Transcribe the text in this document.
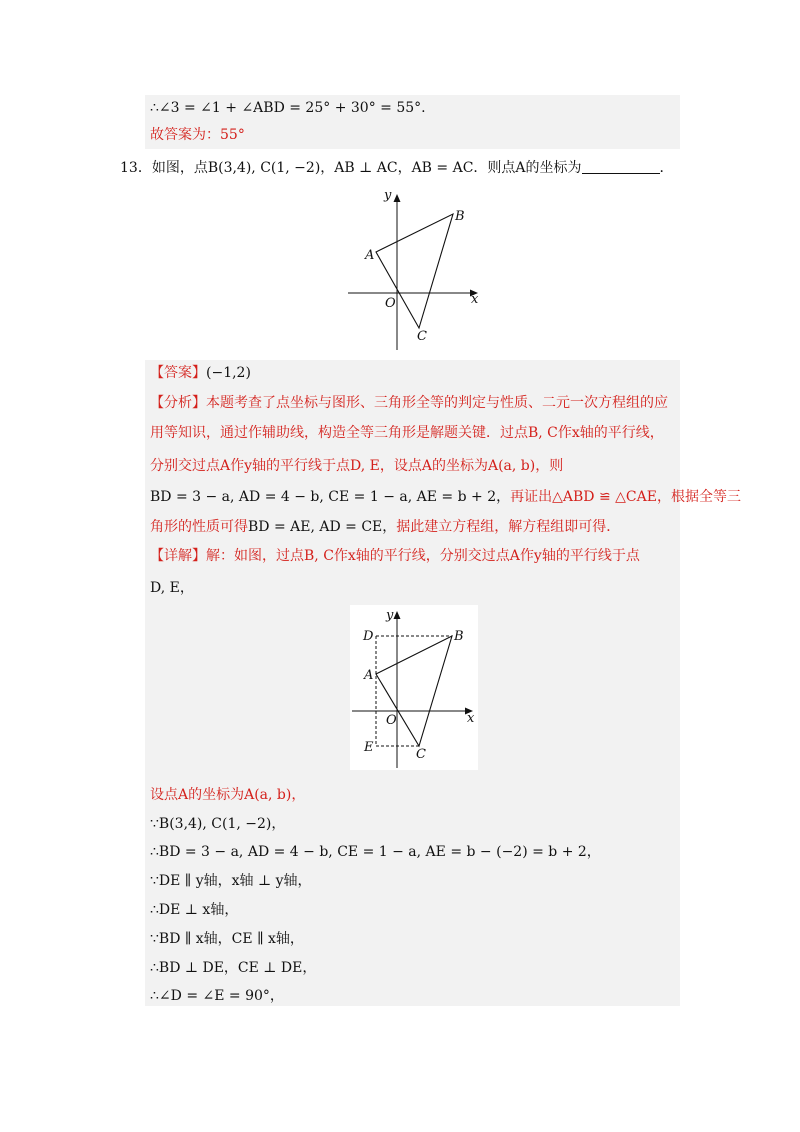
∴∠3 = ∠1 + ∠ABD = 25° + 30° = 55°.
故答案为：55°
13．如图，点B(3,4), C(1, −2)，AB ⊥ AC，AB = AC．则点A的坐标为	．
y
x
O
A
B
C
【答案】(−1,2)
【分析】本题考查了点坐标与图形、三角形全等的判定与性质、二元一次方程组的应
用等知识，通过作辅助线，构造全等三角形是解题关键．过点B, C作x轴的平行线，
分别交过点A作y轴的平行线于点D, E，设点A的坐标为A(a, b)，则
BD = 3 − a, AD = 4 − b, CE = 1 − a, AE = b + 2，再证出△ABD ≌ △CAE，根据全等三
角形的性质可得BD = AE, AD = CE，据此建立方程组，解方程组即可得．
【详解】解：如图，过点B, C作x轴的平行线，分别交过点A作y轴的平行线于点
D, E，
y
x
O
A
B
C
D
E
设点A的坐标为A(a, b)，
∵B(3,4), C(1, −2)，
∴BD = 3 − a, AD = 4 − b, CE = 1 − a, AE = b − (−2) = b + 2，
∵DE ∥ y轴，x轴 ⊥ y轴，
∴DE ⊥ x轴，
∵BD ∥ x轴，CE ∥ x轴，
∴BD ⊥ DE，CE ⊥ DE，
∴∠D = ∠E = 90°，
